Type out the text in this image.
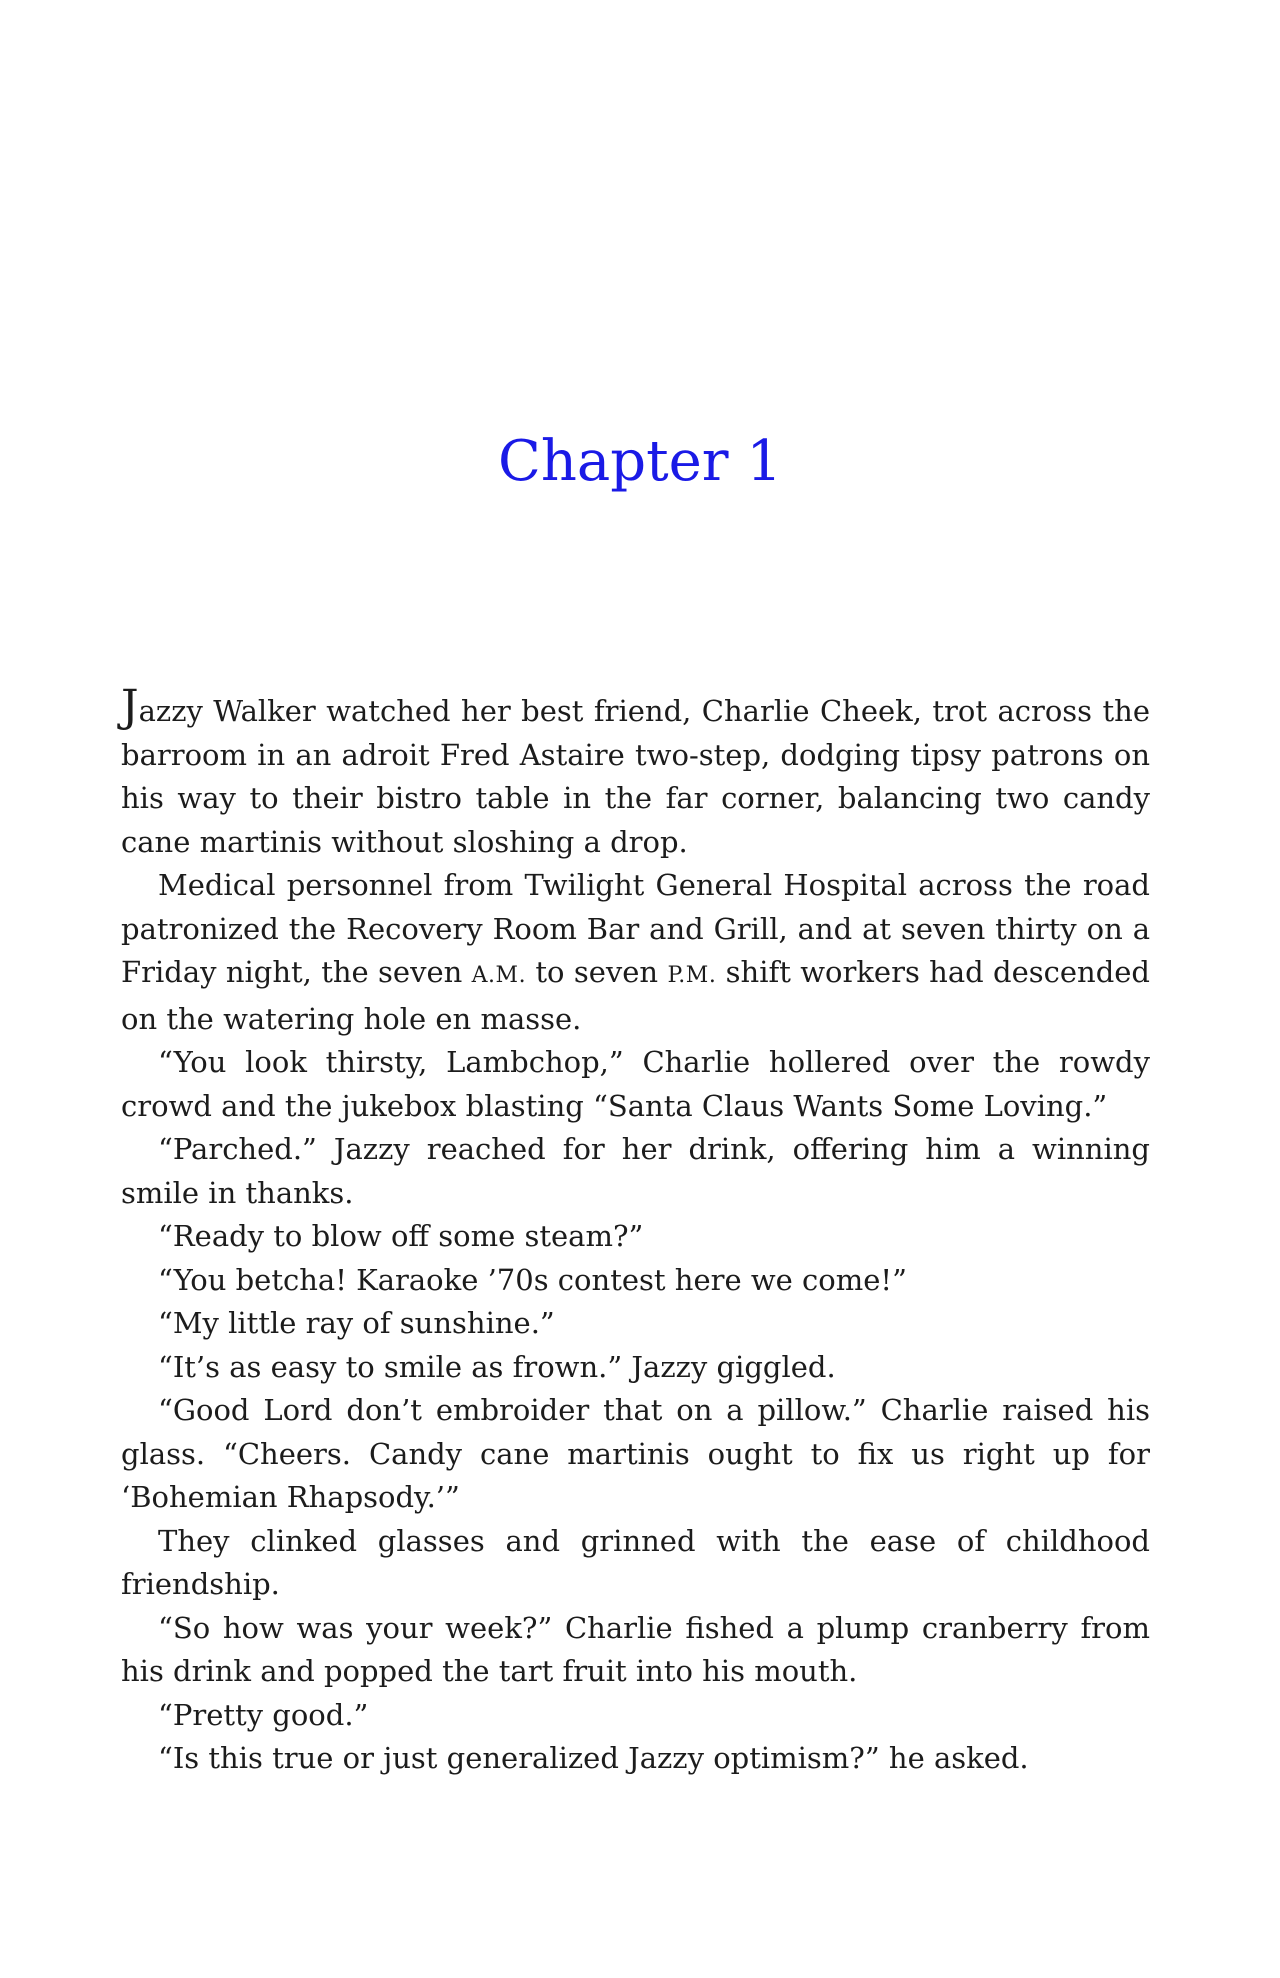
Chapter 1

Jazzy Walker watched her best friend, Charlie Cheek, trot across the barroom in an adroit Fred Astaire two-step, dodging tipsy patrons on his way to their bistro table in the far corner, balancing two candy cane martinis without sloshing a drop.

Medical personnel from Twilight General Hospital across the road patronized the Recovery Room Bar and Grill, and at seven thirty on a Friday night, the seven A.M. to seven P.M. shift workers had descended on the watering hole en masse.

“You look thirsty, Lambchop,” Charlie hollered over the rowdy crowd and the jukebox blasting “Santa Claus Wants Some Loving.”

“Parched.” Jazzy reached for her drink, offering him a winning smile in thanks.

“Ready to blow off some steam?”

“You betcha! Karaoke ’70s contest here we come!”

“My little ray of sunshine.”

“It’s as easy to smile as frown.” Jazzy giggled.

“Good Lord don’t embroider that on a pillow.” Charlie raised his glass. “Cheers. Candy cane martinis ought to fix us right up for ‘Bohemian Rhapsody.’”

They clinked glasses and grinned with the ease of childhood friendship.

“So how was your week?” Charlie fished a plump cranberry from his drink and popped the tart fruit into his mouth.

“Pretty good.”

“Is this true or just generalized Jazzy optimism?” he asked.
